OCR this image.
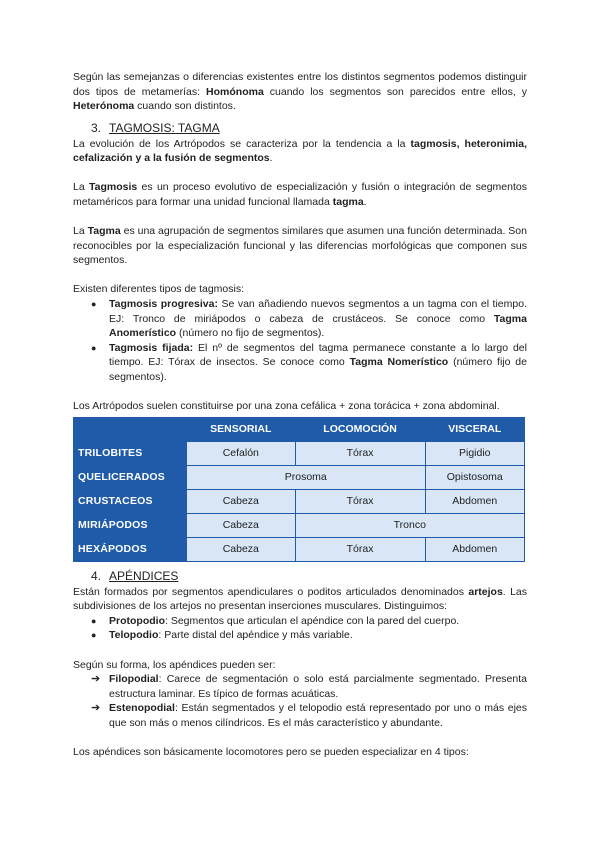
Según las semejanzas o diferencias existentes entre los distintos segmentos podemos distinguir dos tipos de metamerías: Homónoma cuando los segmentos son parecidos entre ellos, y Heterónoma cuando son distintos.

3. TAGMOSIS: TAGMA

La evolución de los Artrópodos se caracteriza por la tendencia a la tagmosis, heteronimia, cefalización y a la fusión de segmentos.

La Tagmosis es un proceso evolutivo de especialización y fusión o integración de segmentos metaméricos para formar una unidad funcional llamada tagma.

La Tagma es una agrupación de segmentos similares que asumen una función determinada. Son reconocibles por la especialización funcional y las diferencias morfológicas que componen sus segmentos.

Existen diferentes tipos de tagmosis:

● Tagmosis progresiva: Se van añadiendo nuevos segmentos a un tagma con el tiempo. EJ: Tronco de miriápodos o cabeza de crustáceos. Se conoce como Tagma Anomerístico (número no fijo de segmentos).
● Tagmosis fijada: El nº de segmentos del tagma permanece constante a lo largo del tiempo. EJ: Tórax de insectos. Se conoce como Tagma Nomerístico (número fijo de segmentos).

Los Artrópodos suelen constituirse por una zona cefálica + zona torácica + zona abdominal.

	SENSORIAL	LOCOMOCIÓN	VISCERAL
TRILOBITES	Cefalón	Tórax	Pigidio
QUELICERADOS	Prosoma		Opistosoma
CRUSTACEOS	Cabeza	Tórax	Abdomen
MIRIÁPODOS	Cabeza	Tronco	
HEXÁPODOS	Cabeza	Tórax	Abdomen
4. APÉNDICES

Están formados por segmentos apendiculares o poditos articulados denominados artejos. Las subdivisiones de los artejos no presentan inserciones musculares. Distinguimos:

● Protopodio: Segmentos que articulan el apéndice con la pared del cuerpo.
● Telopodio: Parte distal del apéndice y más variable.

Según su forma, los apéndices pueden ser:

➔ Filopodial: Carece de segmentación o solo está parcialmente segmentado. Presenta estructura laminar. Es típico de formas acuáticas.
➔ Estenopodial: Están segmentados y el telopodio está representado por uno o más ejes que son más o menos cilíndricos. Es el más característico y abundante.

Los apéndices son básicamente locomotores pero se pueden especializar en 4 tipos:
